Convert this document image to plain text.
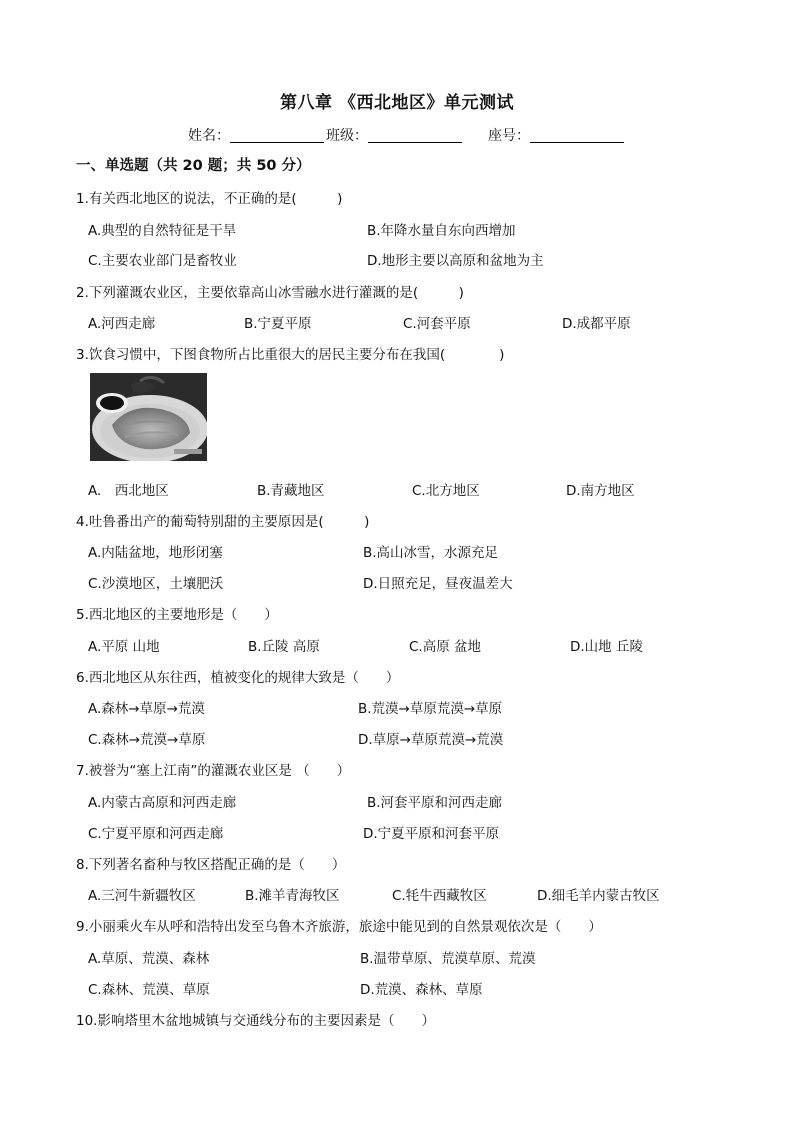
第八章 《西北地区》单元测试
姓名：	班级：	座号：
一、单选题（共 20 题；共 50 分）
1.有关西北地区的说法，不正确的是(　　　)
A.典型的自然特征是干旱	B.年降水量自东向西增加
C.主要农业部门是畜牧业	D.地形主要以高原和盆地为主
2.下列灌溉农业区，主要依靠高山冰雪融水进行灌溉的是(　　　)
A.河西走廊	B.宁夏平原	C.河套平原	D.成都平原
3.饮食习惯中，下图食物所占比重很大的居民主要分布在我国(　　　　)
A.　西北地区	B.青藏地区	C.北方地区	D.南方地区
4.吐鲁番出产的葡萄特别甜的主要原因是(　　　)
A.内陆盆地，地形闭塞	B.高山冰雪，水源充足
C.沙漠地区，土壤肥沃	D.日照充足，昼夜温差大
5.西北地区的主要地形是（　　）
A.平原 山地	B.丘陵 高原	C.高原 盆地	D.山地 丘陵
6.西北地区从东往西，植被变化的规律大致是（　　）
A.森林→草原→荒漠	B.荒漠→草原荒漠→草原
C.森林→荒漠→草原	D.草原→草原荒漠→荒漠
7.被誉为“塞上江南”的灌溉农业区是 （　　）
A.内蒙古高原和河西走廊	B.河套平原和河西走廊
C.宁夏平原和河西走廊	D.宁夏平原和河套平原
8.下列著名畜种与牧区搭配正确的是（　　）
A.三河牛新疆牧区	B.滩羊青海牧区	C.牦牛西藏牧区	D.细毛羊内蒙古牧区
9.小丽乘火车从呼和浩特出发至乌鲁木齐旅游，旅途中能见到的自然景观依次是（　　）
A.草原、荒漠、森林	B.温带草原、荒漠草原、荒漠
C.森林、荒漠、草原	D.荒漠、森林、草原
10.影响塔里木盆地城镇与交通线分布的主要因素是（　　）
